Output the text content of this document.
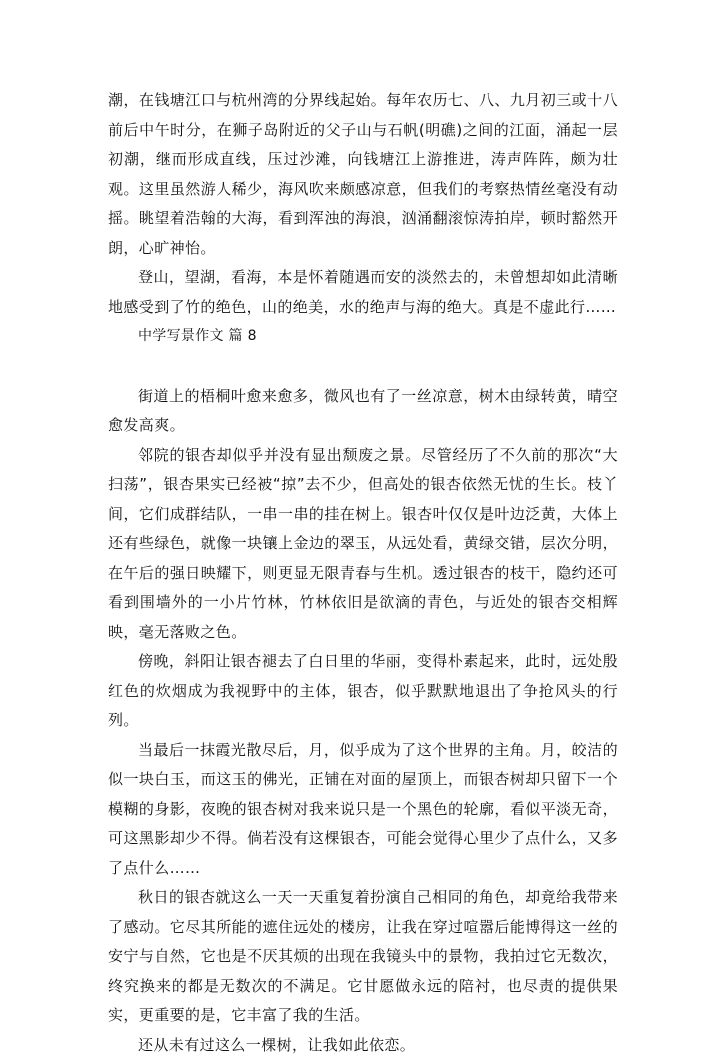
潮，在钱塘江口与杭州湾的分界线起始。每年农历七、八、九月初三或十八前后中午时分，在狮子岛附近的父子山与石帆(明礁)之间的江面，涌起一层初潮，继而形成直线，压过沙滩，向钱塘江上游推进，涛声阵阵，颇为壮观。这里虽然游人稀少，海风吹来颇感凉意，但我们的考察热情丝毫没有动摇。眺望着浩翰的大海，看到浑浊的海浪，汹涌翻滚惊涛拍岸，顿时豁然开朗，心旷神怡。

登山，望湖，看海，本是怀着随遇而安的淡然去的，未曾想却如此清晰地感受到了竹的绝色，山的绝美，水的绝声与海的绝大。真是不虚此行……

中学写景作文 篇 8

街道上的梧桐叶愈来愈多，微风也有了一丝凉意，树木由绿转黄，晴空愈发高爽。

邻院的银杏却似乎并没有显出颓废之景。尽管经历了不久前的那次“大扫荡”，银杏果实已经被“掠”去不少，但高处的银杏依然无忧的生长。枝丫间，它们成群结队，一串一串的挂在树上。银杏叶仅仅是叶边泛黄，大体上还有些绿色，就像一块镶上金边的翠玉，从远处看，黄绿交错，层次分明，在午后的强日映耀下，则更显无限青春与生机。透过银杏的枝干，隐约还可看到围墙外的一小片竹林，竹林依旧是欲滴的青色，与近处的银杏交相辉映，毫无落败之色。

傍晚，斜阳让银杏褪去了白日里的华丽，变得朴素起来，此时，远处殷红色的炊烟成为我视野中的主体，银杏，似乎默默地退出了争抢风头的行列。

当最后一抹霞光散尽后，月，似乎成为了这个世界的主角。月，皎洁的似一块白玉，而这玉的佛光，正铺在对面的屋顶上，而银杏树却只留下一个模糊的身影，夜晚的银杏树对我来说只是一个黑色的轮廓，看似平淡无奇，可这黑影却少不得。倘若没有这棵银杏，可能会觉得心里少了点什么，又多了点什么……

秋日的银杏就这么一天一天重复着扮演自己相同的角色，却竟给我带来了感动。它尽其所能的遮住远处的楼房，让我在穿过喧嚣后能博得这一丝的安宁与自然，它也是不厌其烦的出现在我镜头中的景物，我拍过它无数次，终究换来的都是无数次的不满足。它甘愿做永远的陪衬，也尽责的提供果实，更重要的是，它丰富了我的生活。

还从未有过这么一棵树，让我如此依恋。
